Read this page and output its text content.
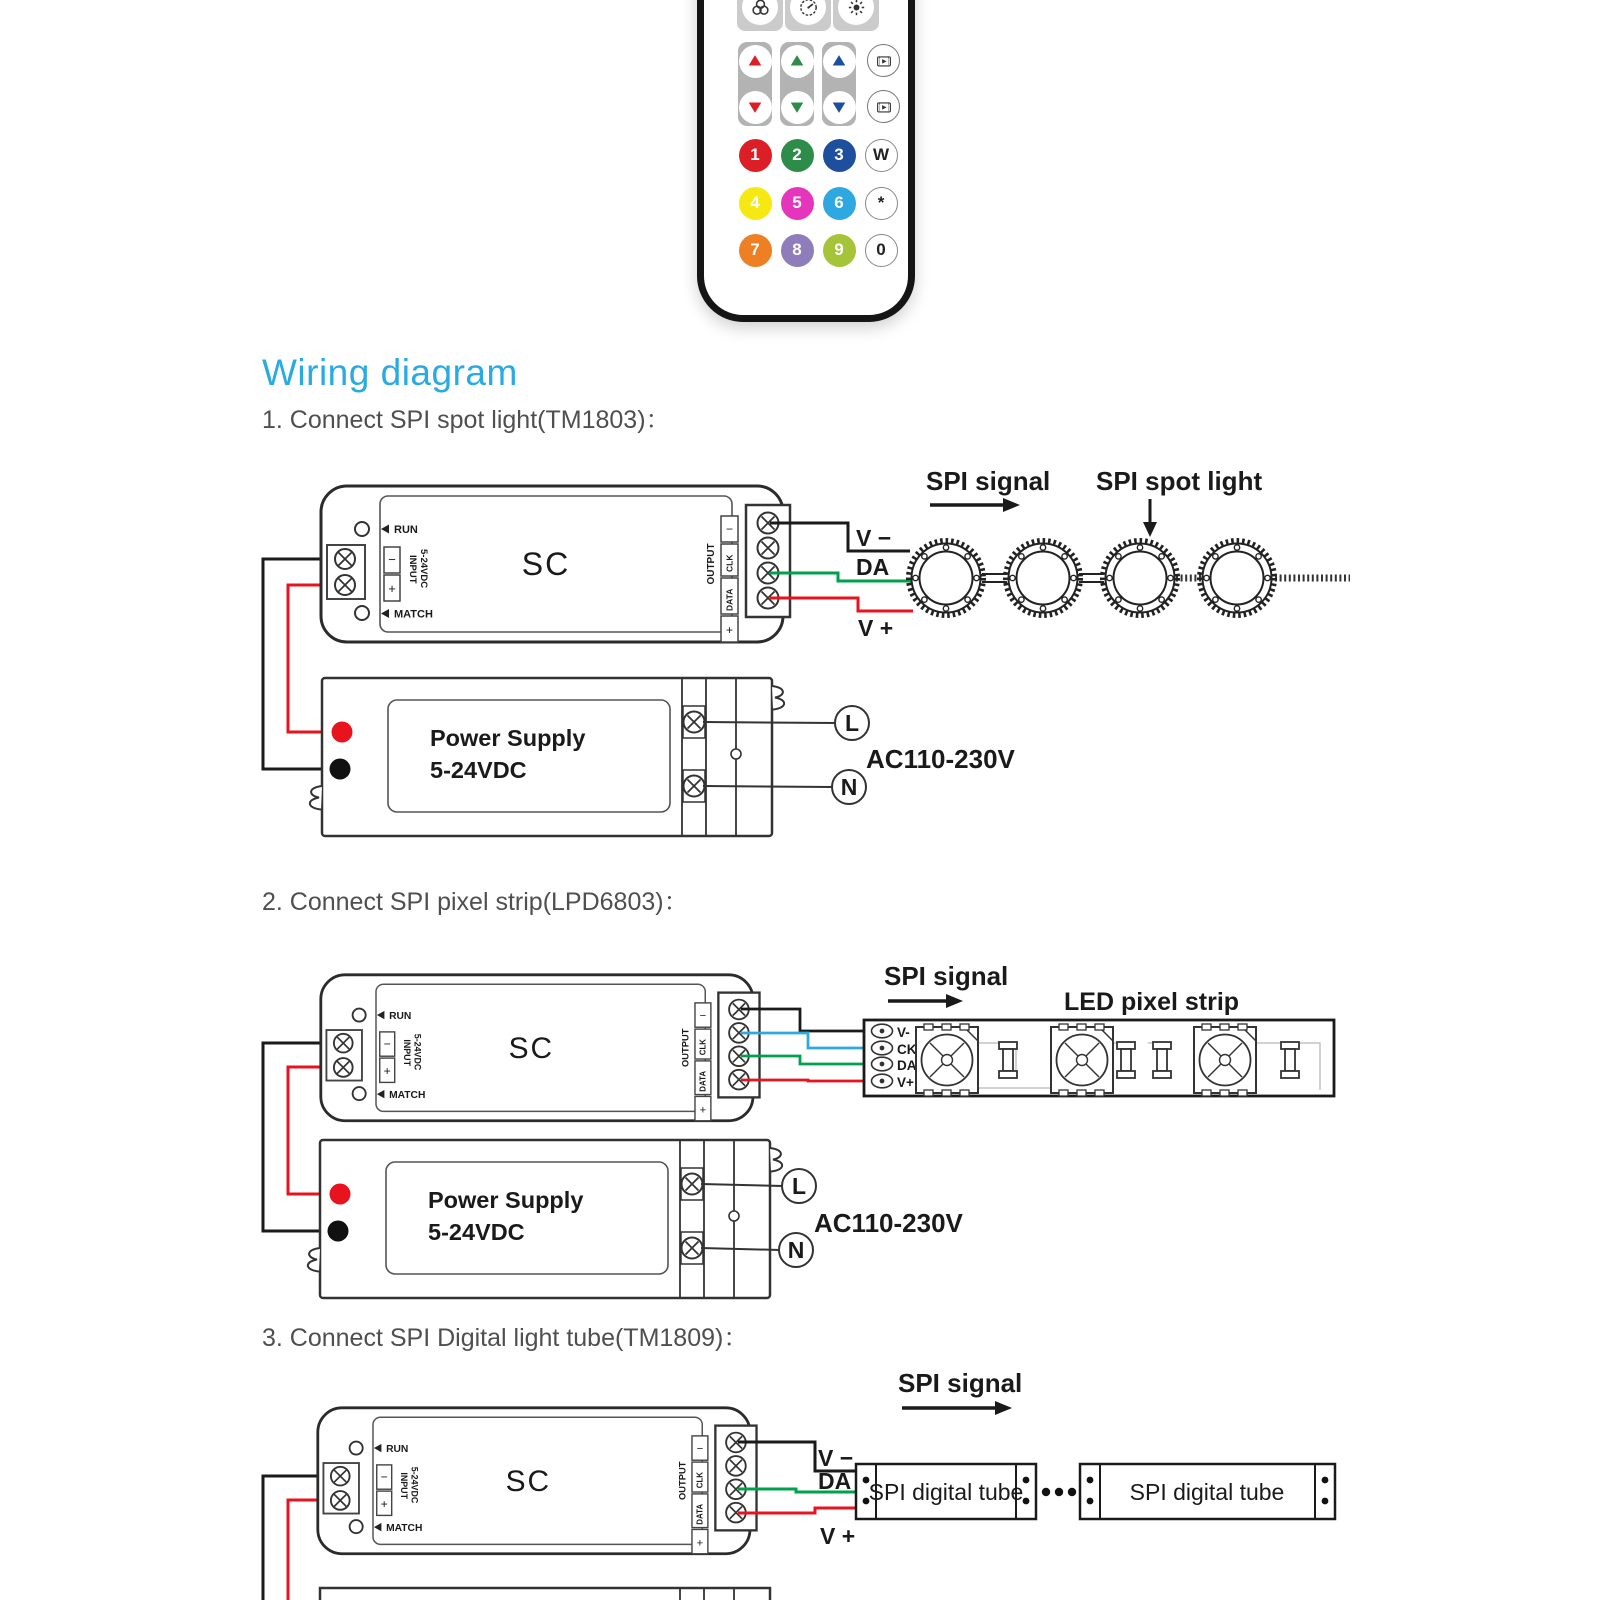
1 2 3 W
4 5 6 *
7 8 9 0
Wiring diagram
1. Connect SPI spot light(TM1803)：
2. Connect SPI pixel strip(LPD6803)：
3. Connect SPI Digital light tube(TM1809)：
V −
DA
V +
SPI signal SPI spot light
L
N
AC110-230V
SPI signal
LED pixel strip
V-
CK
DA
V+
L
N
AC110-230V
V −
DA
V +
SPI signal
SPI digital tube	SPI digital tube
